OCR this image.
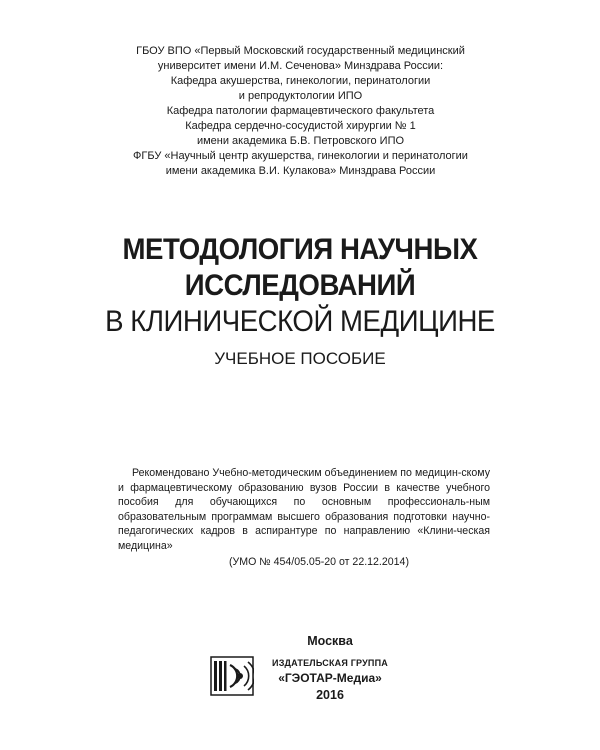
ГБОУ ВПО «Первый Московский государственный медицинский
университет имени И.М. Сеченова» Минздрава России:

Кафедра акушерства, гинекологии, перинатологии
и репродуктологии ИПО

Кафедра патологии фармацевтического факультета

Кафедра сердечно-сосудистой хирургии № 1
имени академика Б.В. Петровского ИПО

ФГБУ «Научный центр акушерства, гинекологии и перинатологии
имени академика В.И. Кулакова» Минздрава России

МЕТОДОЛОГИЯ НАУЧНЫХ
ИССЛЕДОВАНИЙ
В КЛИНИЧЕСКОЙ МЕДИЦИНЕ
УЧЕБНОЕ ПОСОБИЕ

Рекомендовано Учебно-методическим объединением по медицин-скому и фармацевтическому образованию вузов России в качестве учебного пособия для обучающихся по основным профессиональ-ным образовательным программам высшего образования подготовки научно-педагогических кадров в аспирантуре по направлению «Клини-ческая медицина»

(УМО № 454/05.05-20 от 22.12.2014)
Москва
ИЗДАТЕЛЬСКАЯ ГРУППА
«ГЭОТАР-Медиа»
2016
